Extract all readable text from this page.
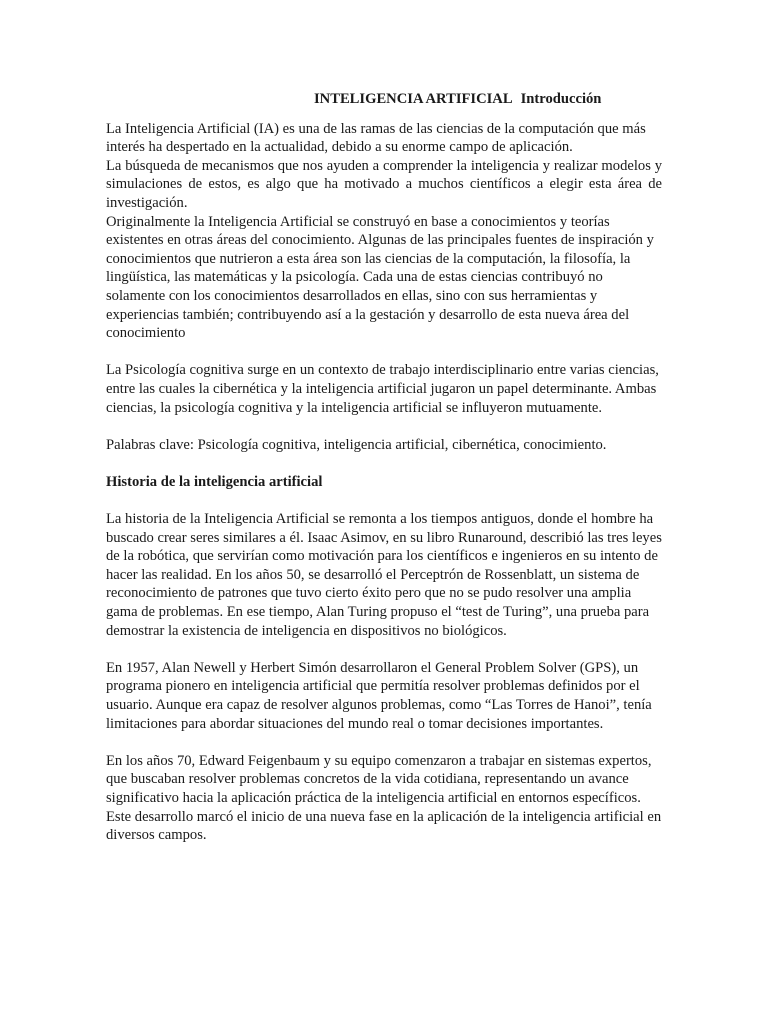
INTELIGENCIA ARTIFICIAL Introducción

La Inteligencia Artificial (IA) es una de las ramas de las ciencias de la computación que más interés ha despertado en la actualidad, debido a su enorme campo de aplicación.

La búsqueda de mecanismos que nos ayuden a comprender la inteligencia y realizar modelos y simulaciones de estos, es algo que ha motivado a muchos científicos a elegir esta área de investigación.

Originalmente la Inteligencia Artificial se construyó en base a conocimientos y teorías existentes en otras áreas del conocimiento. Algunas de las principales fuentes de inspiración y conocimientos que nutrieron a esta área son las ciencias de la computación, la filosofía, la lingüística, las matemáticas y la psicología. Cada una de estas ciencias contribuyó no solamente con los conocimientos desarrollados en ellas, sino con sus herramientas y experiencias también; contribuyendo así a la gestación y desarrollo de esta nueva área del conocimiento

La Psicología cognitiva surge en un contexto de trabajo interdisciplinario entre varias ciencias, entre las cuales la cibernética y la inteligencia artificial jugaron un papel determinante. Ambas ciencias, la psicología cognitiva y la inteligencia artificial se influyeron mutuamente.

Palabras clave: Psicología cognitiva, inteligencia artificial, cibernética, conocimiento.

Historia de la inteligencia artificial

La historia de la Inteligencia Artificial se remonta a los tiempos antiguos, donde el hombre ha buscado crear seres similares a él. Isaac Asimov, en su libro Runaround, describió las tres leyes de la robótica, que servirían como motivación para los científicos e ingenieros en su intento de hacer las realidad. En los años 50, se desarrolló el Perceptrón de Rossenblatt, un sistema de reconocimiento de patrones que tuvo cierto éxito pero que no se pudo resolver una amplia gama de problemas. En ese tiempo, Alan Turing propuso el “test de Turing”, una prueba para demostrar la existencia de inteligencia en dispositivos no biológicos.

En 1957, Alan Newell y Herbert Simón desarrollaron el General Problem Solver (GPS), un programa pionero en inteligencia artificial que permitía resolver problemas definidos por el usuario. Aunque era capaz de resolver algunos problemas, como “Las Torres de Hanoi”, tenía limitaciones para abordar situaciones del mundo real o tomar decisiones importantes.

En los años 70, Edward Feigenbaum y su equipo comenzaron a trabajar en sistemas expertos, que buscaban resolver problemas concretos de la vida cotidiana, representando un avance significativo hacia la aplicación práctica de la inteligencia artificial en entornos específicos. Este desarrollo marcó el inicio de una nueva fase en la aplicación de la inteligencia artificial en diversos campos.
